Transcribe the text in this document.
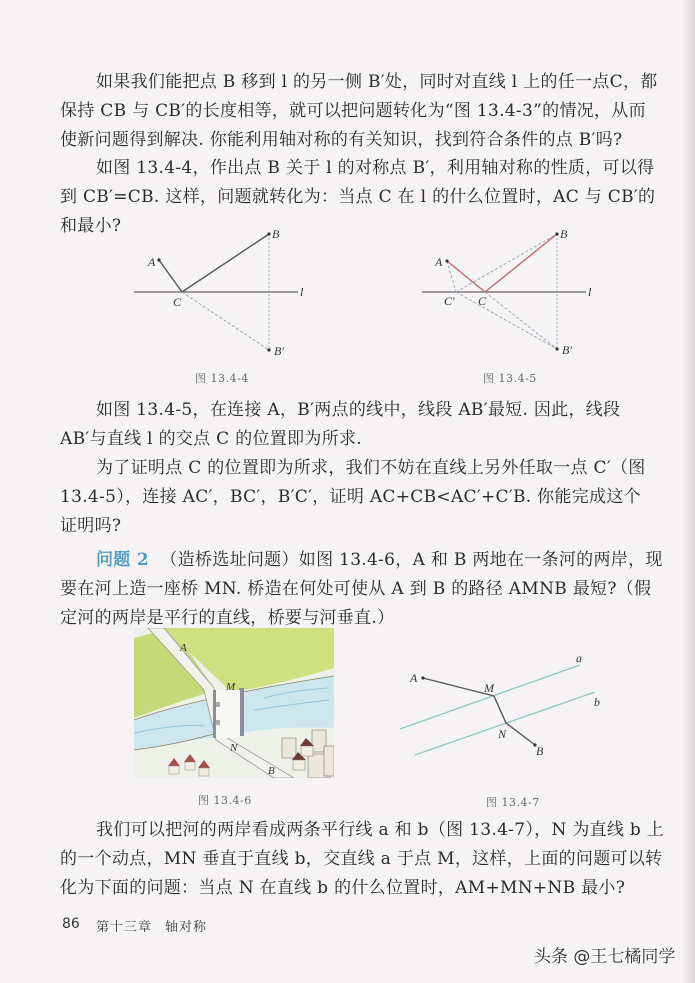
如果我们能把点 B 移到 l 的另一侧 B′处，同时对直线 l 上的任一点C，都
保持 CB 与 CB′的长度相等，就可以把问题转化为“图 13.4-3”的情况，从而
使新问题得到解决. 你能利用轴对称的有关知识，找到符合条件的点 B′吗?
如图 13.4-4，作出点 B 关于 l 的对称点 B′，利用轴对称的性质，可以得
到 CB′=CB. 这样，问题就转化为：当点 C 在 l 的什么位置时，AC 与 CB′的
和最小?
A
B
C
B′
l
图 13.4-4
A
B
C
C′
B′
l
图 13.4-5
如图 13.4-5，在连接 A，B′两点的线中，线段 AB′最短. 因此，线段
AB′与直线 l 的交点 C 的位置即为所求.
为了证明点 C 的位置即为所求，我们不妨在直线上另外任取一点 C′（图
13.4-5），连接 AC′，BC′，B′C′，证明 AC+CB<AC′+C′B. 你能完成这个
证明吗?
问题 2 （造桥选址问题）如图 13.4-6，A 和 B 两地在一条河的两岸，现
要在河上造一座桥 MN. 桥造在何处可使从 A 到 B 的路径 AMNB 最短?（假
定河的两岸是平行的直线，桥要与河垂直.）
A
M
N
B
图 13.4-6
A
M
N
B
a
b
图 13.4-7
我们可以把河的两岸看成两条平行线 a 和 b（图 13.4-7），N 为直线 b 上
的一个动点，MN 垂直于直线 b，交直线 a 于点 M，这样，上面的问题可以转
化为下面的问题：当点 N 在直线 b 的什么位置时，AM+MN+NB 最小?
86 第十三章 轴对称
头条 @王七橘同学
